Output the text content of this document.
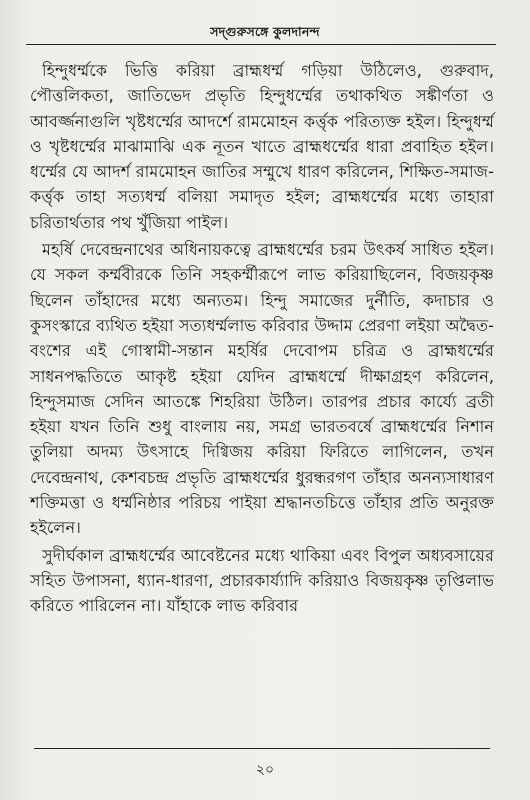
সদ্গুরুসঙ্গে কুলদানন্দ

হিন্দুধর্ম্মকে ভিত্তি করিয়া ব্রাহ্মধর্ম্ম গড়িয়া উঠিলেও, গুরুবাদ, পৌত্তলিকতা, জাতিভেদ প্রভৃতি হিন্দুধর্ম্মের তথাকথিত সঙ্কীর্ণতা ও আবর্জ্জনাগুলি খৃষ্টধর্ম্মের আদর্শে রামমোহন কর্ত্তৃক পরিত্যক্ত হইল। হিন্দুধর্ম্ম ও খৃষ্টধর্ম্মের মাঝামাঝি এক নূতন খাতে ব্রাহ্মধর্ম্মের ধারা প্রবাহিত হইল। ধর্ম্মের যে আদর্শ রামমোহন জাতির সম্মুখে ধারণ করিলেন, শিক্ষিত-সমাজ-কর্ত্তৃক তাহা সত্যধর্ম্ম বলিয়া সমাদৃত হইল; ব্রাহ্মধর্ম্মের মধ্যে তাহারা চরিতার্থতার পথ খুঁজিয়া পাইল।

মহর্ষি দেবেন্দ্রনাথের অধিনায়কত্বে ব্রাহ্মধর্ম্মের চরম উৎকর্ষ সাধিত হইল। যে সকল কর্ম্মবীরকে তিনি সহকর্ম্মীরূপে লাভ করিয়াছিলেন, বিজয়কৃষ্ণ ছিলেন তাঁহাদের মধ্যে অন্যতম। হিন্দু সমাজের দুর্নীতি, কদাচার ও কুসংস্কারে ব্যথিত হইয়া সত্যধর্ম্মলাভ করিবার উদ্দাম প্রেরণা লইয়া অদ্বৈত-বংশের এই গোস্বামী-সন্তান মহর্ষির দেবোপম চরিত্র ও ব্রাহ্মধর্ম্মের সাধনপদ্ধতিতে আকৃষ্ট হইয়া যেদিন ব্রাহ্মধর্ম্মে দীক্ষাগ্রহণ করিলেন, হিন্দুসমাজ সেদিন আতঙ্কে শিহরিয়া উঠিল। তারপর প্রচার কার্য্যে ব্রতী হইয়া যখন তিনি শুধু বাংলায় নয়, সমগ্র ভারতবর্ষে ব্রাহ্মধর্ম্মের নিশান তুলিয়া অদম্য উৎসাহে দিগ্বিজয় করিয়া ফিরিতে লাগিলেন, তখন দেবেন্দ্রনাথ, কেশবচন্দ্র প্রভৃতি ব্রাহ্মধর্ম্মের ধুরন্ধরগণ তাঁহার অনন্যসাধারণ শক্তিমত্তা ও ধর্ম্মনিষ্ঠার পরিচয় পাইয়া শ্রদ্ধানতচিত্তে তাঁহার প্রতি অনুরক্ত হইলেন।

সুদীর্ঘকাল ব্রাহ্মধর্ম্মের আবেষ্টনের মধ্যে থাকিয়া এবং বিপুল অধ্যবসায়ের সহিত উপাসনা, ধ্যান-ধারণা, প্রচারকার্য্যাদি করিয়াও বিজয়কৃষ্ণ তৃপ্তিলাভ করিতে পারিলেন না। যাঁহাকে লাভ করিবার

২০
